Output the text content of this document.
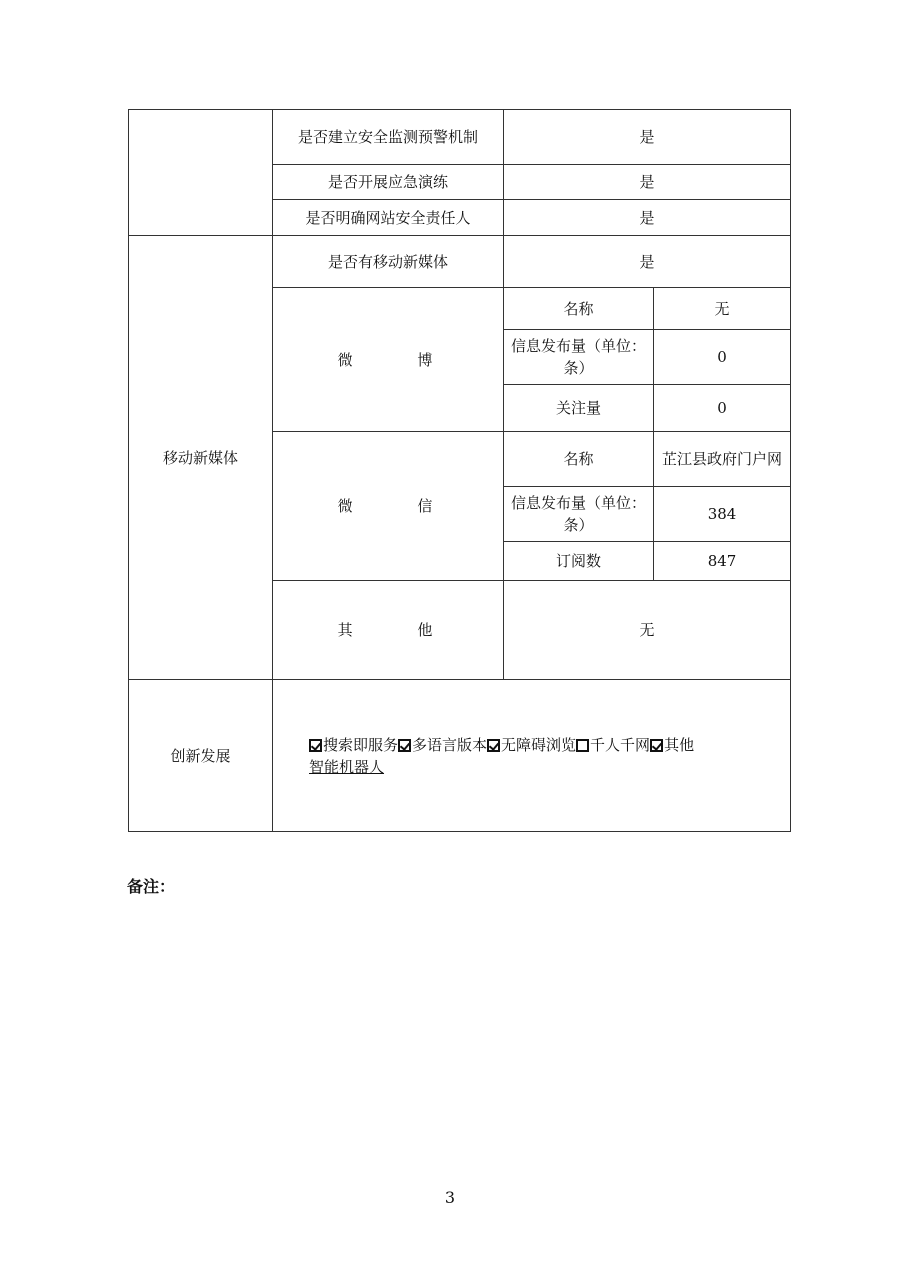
	是否建立安全监测预警机制	是	
	是否开展应急演练	是	
	是否明确网站安全责任人	是	
移动新媒体	是否有移动新媒体	是	
	微 博	名称	无
		信息发布量（单位：条）	0
		关注量	0
	微 信	名称	芷江县政府门户网
		信息发布量（单位：条）	384
		订阅数	847
	其 他	无	
创新发展	搜索即服务 多语言版本 无障碍浏览 千人千网 其他
智能机器人		
备注：
3
